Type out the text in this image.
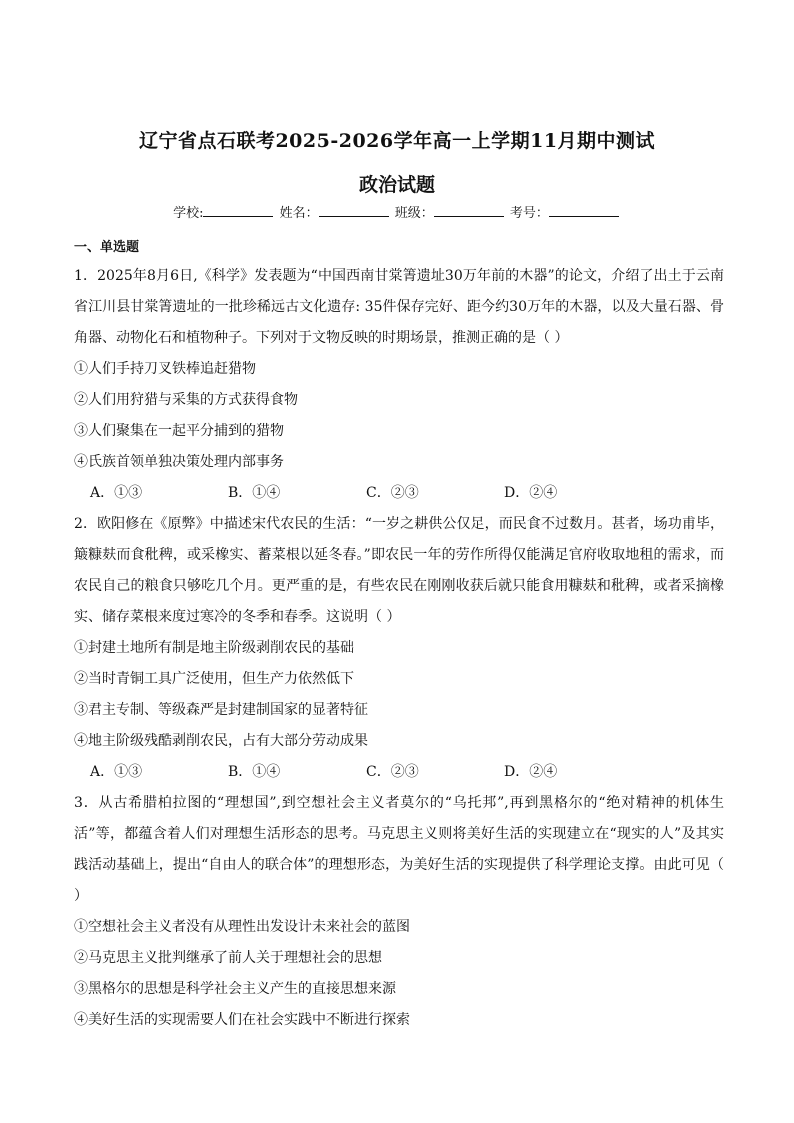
辽宁省点石联考2025-2026学年高一上学期11月期中测试
政治试题
学校:	姓名：	班级：	考号：
一、单选题

1．2025年8月6日,《科学》发表题为“中国西南甘棠箐遗址30万年前的木器”的论文，介绍了出土于云南省江川县甘棠箐遗址的一批珍稀远古文化遗存: 35件保存完好、距今约30万年的木器，以及大量石器、骨角器、动物化石和植物种子。下列对于文物反映的时期场景，推测正确的是（ ）

①人们手持刀叉铁棒追赶猎物

②人们用狩猎与采集的方式获得食物

③人们聚集在一起平分捕到的猎物

④氏族首领单独决策处理内部事务

A．①③	B．①④	C．②③	D．②④

2．欧阳修在《原弊》中描述宋代农民的生活：“一岁之耕供公仅足，而民食不过数月。甚者，场功甫毕，簸糠麸而食秕稗，或采橡实、蓄菜根以延冬春。”即农民一年的劳作所得仅能满足官府收取地租的需求，而农民自己的粮食只够吃几个月。更严重的是，有些农民在刚刚收获后就只能食用糠麸和秕稗，或者采摘橡实、储存菜根来度过寒冷的冬季和春季。这说明（ ）

①封建土地所有制是地主阶级剥削农民的基础

②当时青铜工具广泛使用，但生产力依然低下

③君主专制、等级森严是封建制国家的显著特征

④地主阶级残酷剥削农民，占有大部分劳动成果

A．①③	B．①④	C．②③	D．②④

3．从古希腊柏拉图的“理想国”,到空想社会主义者莫尔的“乌托邦”,再到黑格尔的“绝对精神的机体生活”等，都蕴含着人们对理想生活形态的思考。马克思主义则将美好生活的实现建立在“现实的人”及其实践活动基础上，提出“自由人的联合体”的理想形态，为美好生活的实现提供了科学理论支撑。由此可见（ ）

①空想社会主义者没有从理性出发设计未来社会的蓝图

②马克思主义批判继承了前人关于理想社会的思想

③黑格尔的思想是科学社会主义产生的直接思想来源

④美好生活的实现需要人们在社会实践中不断进行探索
